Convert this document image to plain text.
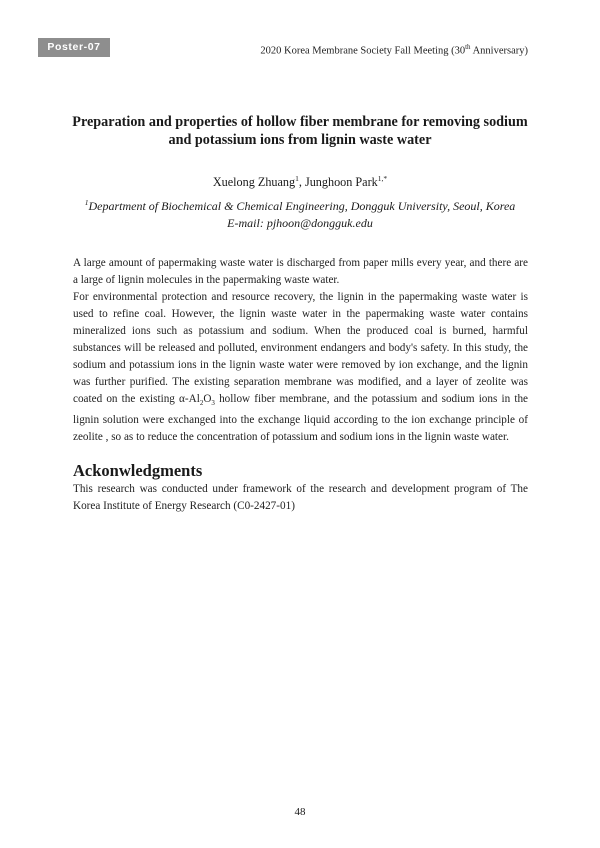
Poster-07	2020 Korea Membrane Society Fall Meeting (30th Anniversary)
Preparation and properties of hollow fiber membrane for removing sodium and potassium ions from lignin waste water
Xuelong Zhuang$^1$, Junghoon Park$^{1,*}$
$^1$Department of Biochemical & Chemical Engineering, Dongguk University, Seoul, Korea
E-mail: pjhoon@dongguk.edu

A large amount of papermaking waste water is discharged from paper mills every year, and there are a large of lignin molecules in the papermaking waste water.

For environmental protection and resource recovery, the lignin in the papermaking waste water is used to refine coal. However, the lignin waste water in the papermaking waste water contains mineralized ions such as potassium and sodium. When the produced coal is burned, harmful substances will be released and polluted, environment endangers and body's safety. In this study, the sodium and potassium ions in the lignin waste water were removed by ion exchange, and the lignin was further purified. The existing separation membrane was modified, and a layer of zeolite was coated on the existing $\alpha-Al_2O_3$ hollow fiber membrane, and the potassium and sodium ions in the lignin solution were exchanged into the exchange liquid according to the ion exchange principle of zeolite , so as to reduce the concentration of potassium and sodium ions in the lignin waste water.

Ackonwledgments

This research was conducted under framework of the research and development program of The Korea Institute of Energy Research (C0-2427-01)

48
